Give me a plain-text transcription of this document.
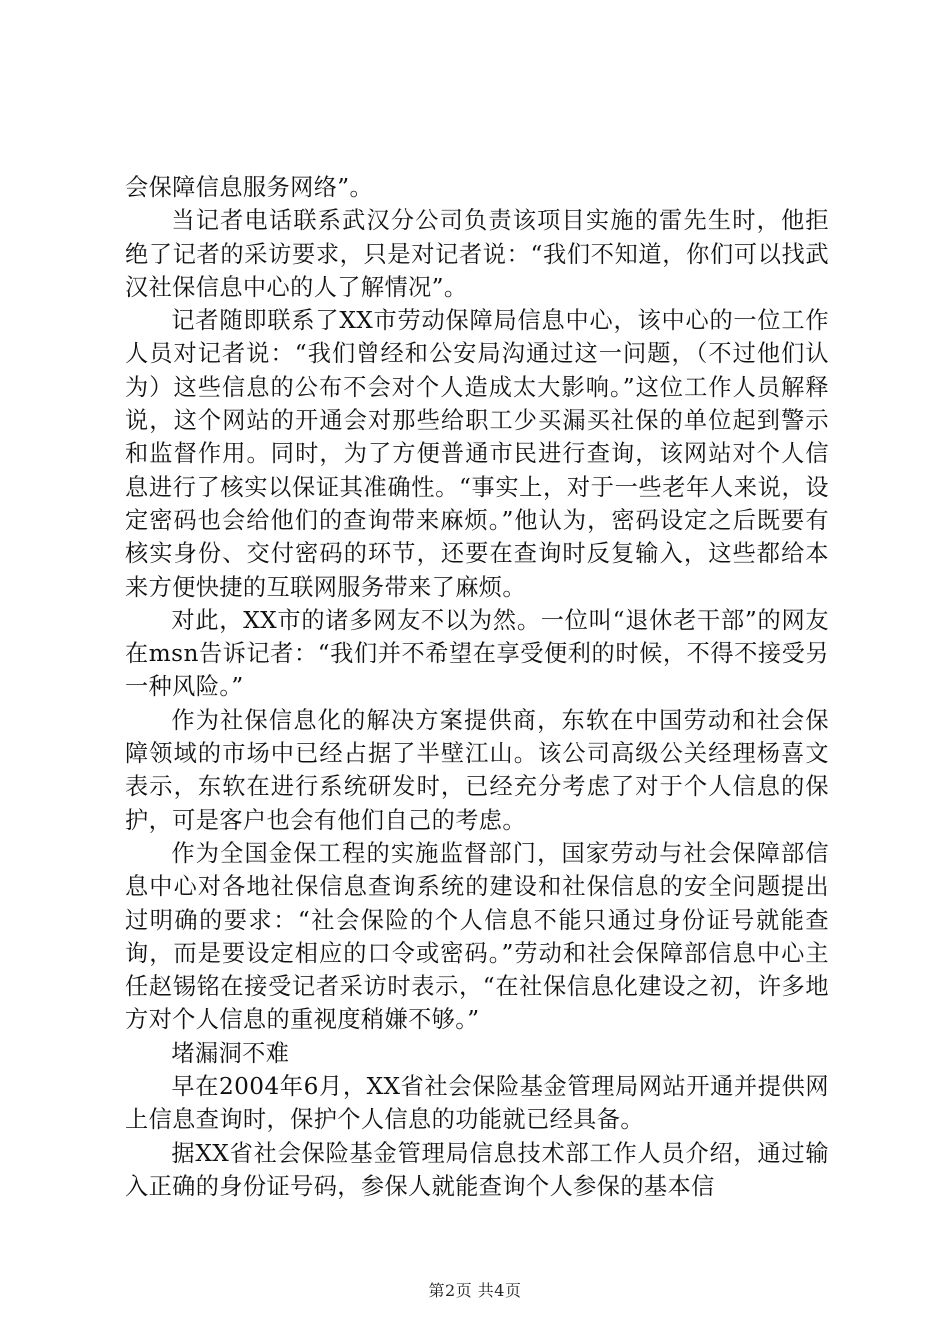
会保障信息服务网络”。

当记者电话联系武汉分公司负责该项目实施的雷先生时，他拒绝了记者的采访要求，只是对记者说：“我们不知道，你们可以找武汉社保信息中心的人了解情况”。

记者随即联系了XX市劳动保障局信息中心，该中心的一位工作人员对记者说：“我们曾经和公安局沟通过这一问题，（不过他们认为）这些信息的公布不会对个人造成太大影响。”这位工作人员解释说，这个网站的开通会对那些给职工少买漏买社保的单位起到警示和监督作用。同时，为了方便普通市民进行查询，该网站对个人信息进行了核实以保证其准确性。“事实上，对于一些老年人来说，设定密码也会给他们的查询带来麻烦。”他认为，密码设定之后既要有核实身份、交付密码的环节，还要在查询时反复输入，这些都给本来方便快捷的互联网服务带来了麻烦。

对此，XX市的诸多网友不以为然。一位叫“退休老干部”的网友在msn告诉记者：“我们并不希望在享受便利的时候，不得不接受另一种风险。”

作为社保信息化的解决方案提供商，东软在中国劳动和社会保障领域的市场中已经占据了半壁江山。该公司高级公关经理杨喜文表示，东软在进行系统研发时，已经充分考虑了对于个人信息的保护，可是客户也会有他们自己的考虑。

作为全国金保工程的实施监督部门，国家劳动与社会保障部信息中心对各地社保信息查询系统的建设和社保信息的安全问题提出过明确的要求：“社会保险的个人信息不能只通过身份证号就能查询，而是要设定相应的口令或密码。”劳动和社会保障部信息中心主任赵锡铭在接受记者采访时表示，“在社保信息化建设之初，许多地方对个人信息的重视度稍嫌不够。”

堵漏洞不难

早在2004年6月，XX省社会保险基金管理局网站开通并提供网上信息查询时，保护个人信息的功能就已经具备。

据XX省社会保险基金管理局信息技术部工作人员介绍，通过输入正确的身份证号码，参保人就能查询个人参保的基本信

第2页 共4页
